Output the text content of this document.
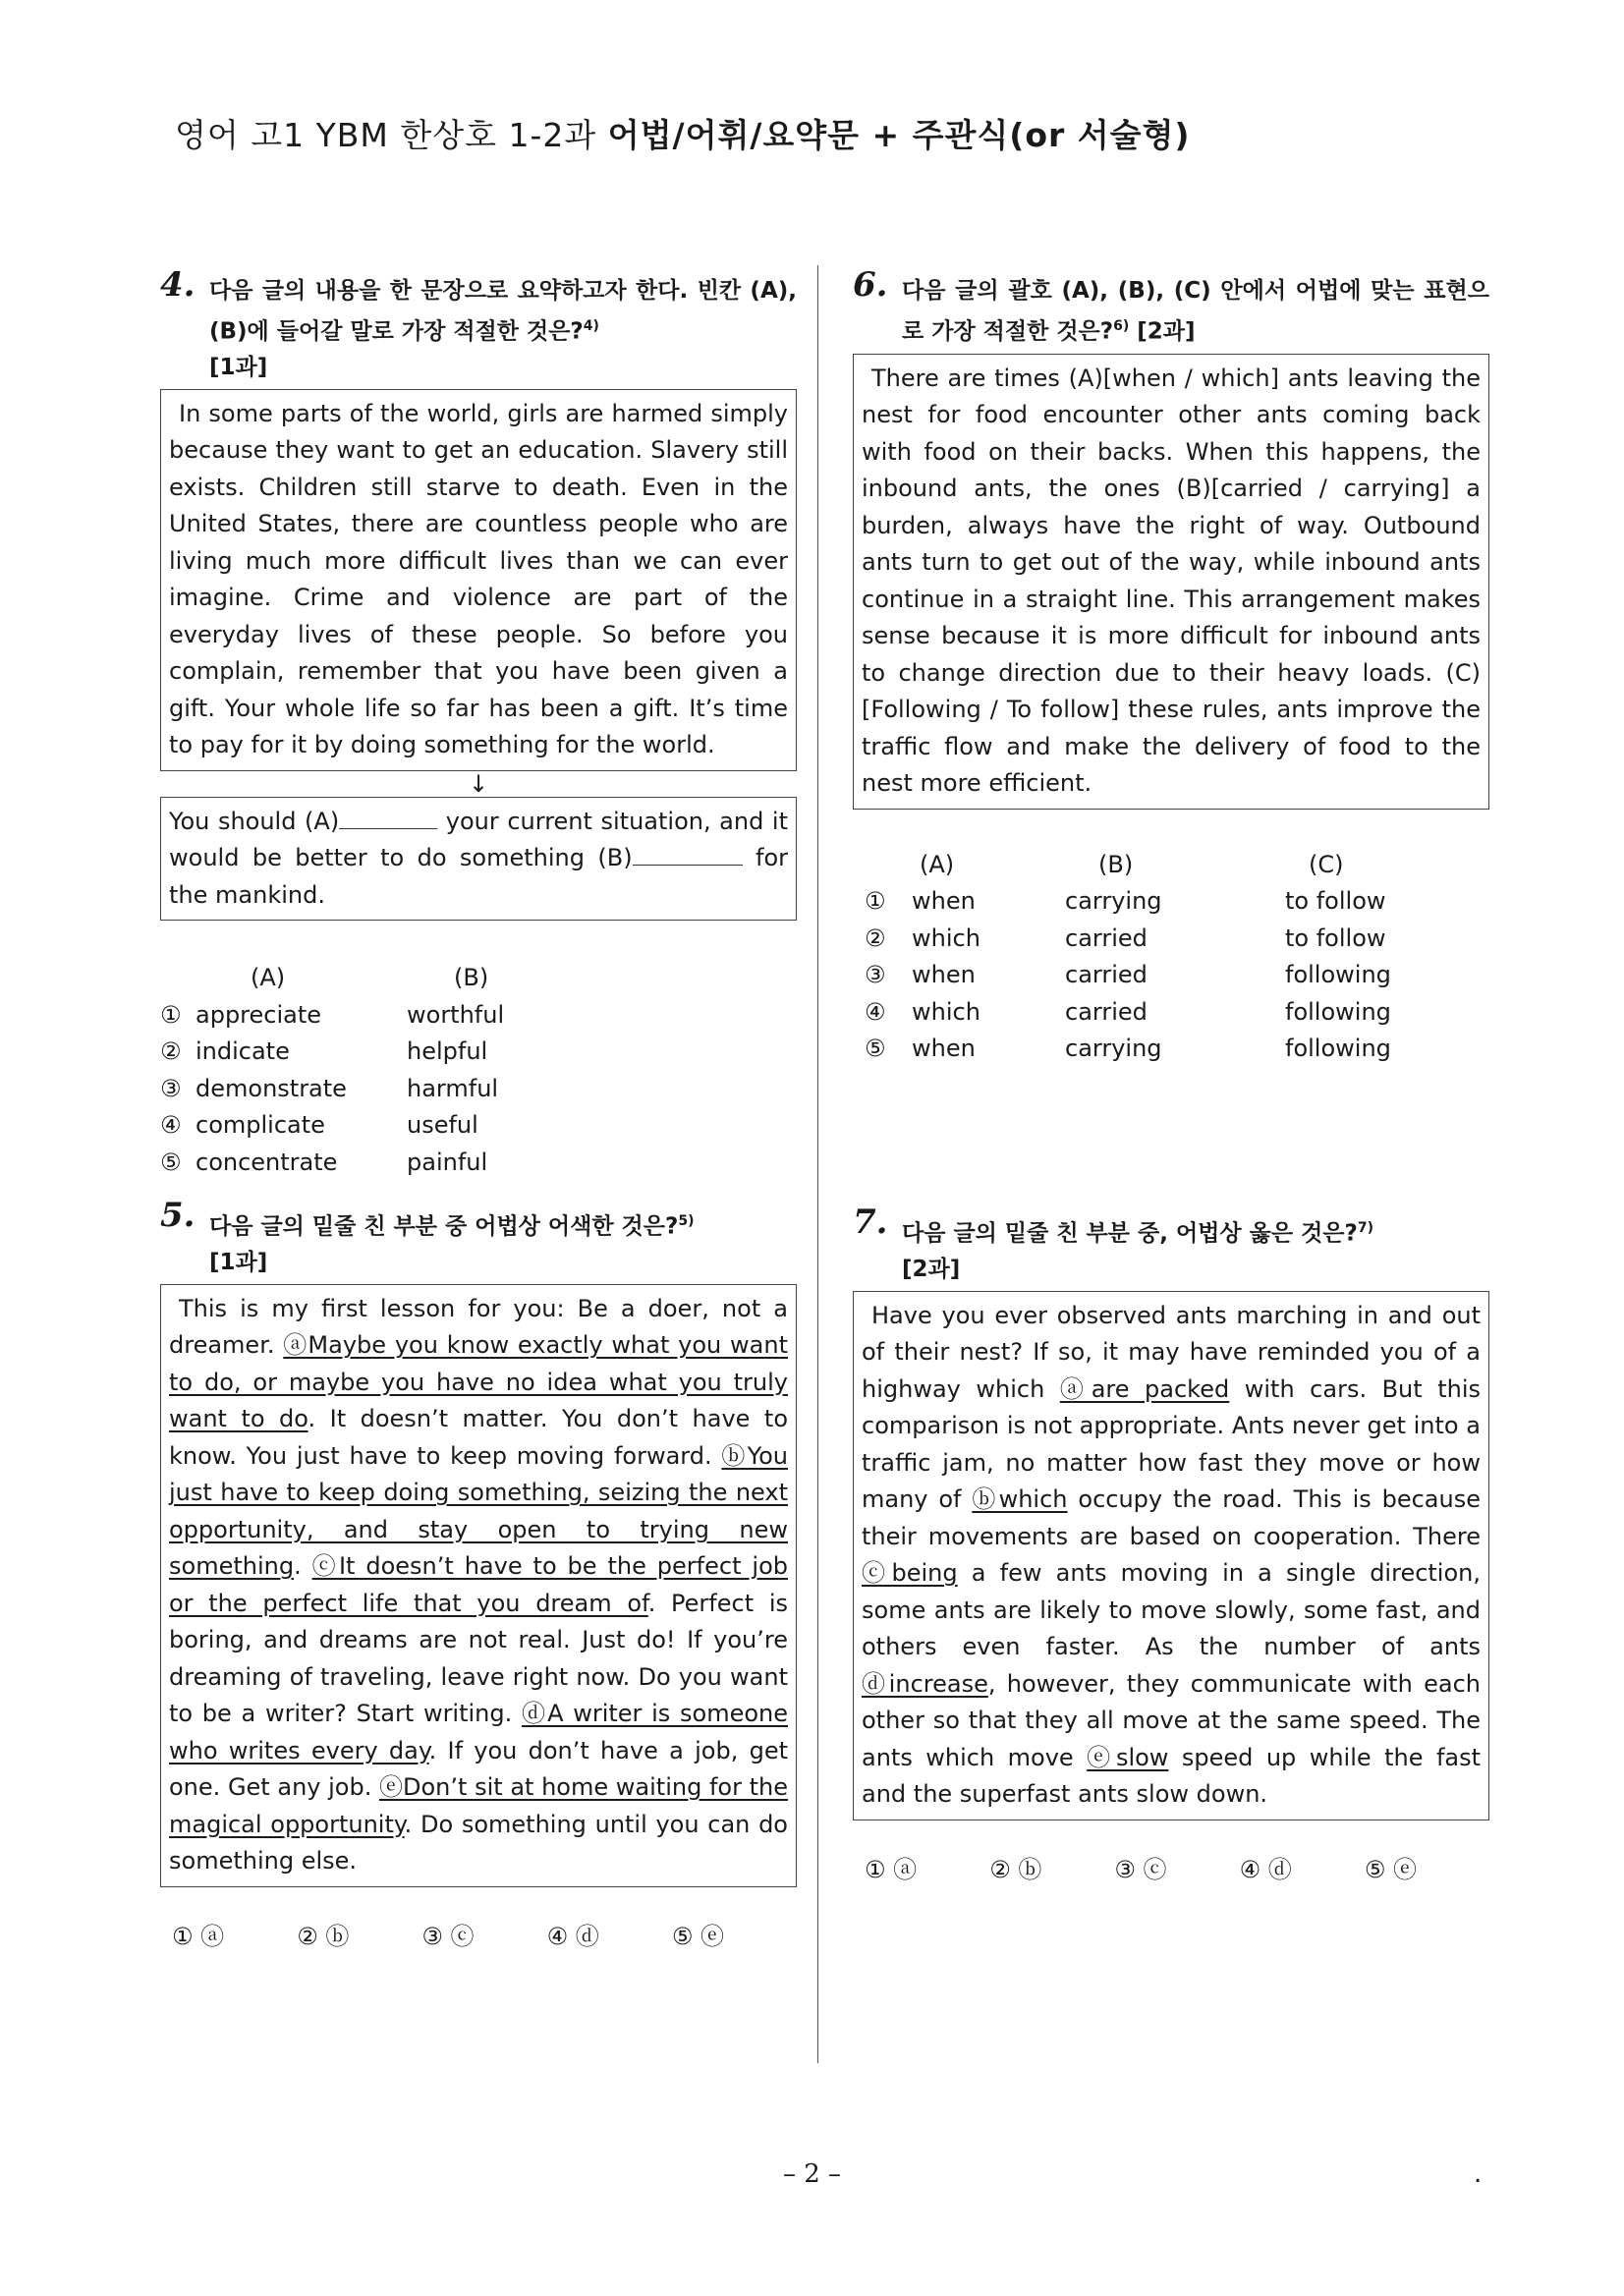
영어 고1 YBM 한상호 1-2과 어법/어휘/요약문 + 주관식(or 서술형)
4. 다음 글의 내용을 한 문장으로 요약하고자 한다. 빈칸 (A), (B)에 들어갈 말로 가장 적절한 것은?$^{4)}$
[1과]

In some parts of the world, girls are harmed simply because they want to get an education. Slavery still exists. Children still starve to death. Even in the United States, there are countless people who are living much more difficult lives than we can ever imagine. Crime and violence are part of the everyday lives of these people. So before you complain, remember that you have been given a gift. Your whole life so far has been a gift. It’s time to pay for it by doing something for the world.

↓
You should (A)	your current situation, and it would be better to do something (B)	for the mankind.
(A)	(B)
① appreciate	worthful
② indicate	helpful
③ demonstrate	harmful
④ complicate	useful
⑤ concentrate	painful
5. 다음 글의 밑줄 친 부분 중 어법상 어색한 것은?$^{5)}$
[1과]

This is my first lesson for you: Be a doer, not a dreamer. ⓐMaybe you know exactly what you want to do, or maybe you have no idea what you truly want to do. It doesn’t matter. You don’t have to know. You just have to keep moving forward. ⓑYou just have to keep doing something, seizing the next opportunity, and stay open to trying new something. ⓒIt doesn’t have to be the perfect job or the perfect life that you dream of. Perfect is boring, and dreams are not real. Just do! If you’re dreaming of traveling, leave right now. Do you want to be a writer? Start writing. ⓓA writer is someone who writes every day. If you don’t have a job, get one. Get any job. ⓔDon’t sit at home waiting for the magical opportunity. Do something until you can do something else.

① ⓐ	② ⓑ	③ ⓒ	④ ⓓ	⑤ ⓔ
6. 다음 글의 괄호 (A), (B), (C) 안에서 어법에 맞는 표현으로 가장 적절한 것은?$^{6)}$ [2과]

There are times (A)[when / which] ants leaving the nest for food encounter other ants coming back with food on their backs. When this happens, the inbound ants, the ones (B)[carried / carrying] a burden, always have the right of way. Outbound ants turn to get out of the way, while inbound ants continue in a straight line. This arrangement makes sense because it is more difficult for inbound ants to change direction due to their heavy loads. (C)[Following / To follow] these rules, ants improve the traffic flow and make the delivery of food to the nest more efficient.

(A)	(B)	(C)
①	when	carrying	to follow
②	which	carried	to follow
③	when	carried	following
④	which	carried	following
⑤	when	carrying	following
7. 다음 글의 밑줄 친 부분 중, 어법상 옳은 것은?$^{7)}$
[2과]

Have you ever observed ants marching in and out of their nest? If so, it may have reminded you of a highway which ⓐare packed with cars. But this comparison is not appropriate. Ants never get into a traffic jam, no matter how fast they move or how many of ⓑwhich occupy the road. This is because their movements are based on cooperation. There ⓒbeing a few ants moving in a single direction, some ants are likely to move slowly, some fast, and others even faster. As the number of ants ⓓincrease, however, they communicate with each other so that they all move at the same speed. The ants which move ⓔslow speed up while the fast and the superfast ants slow down.

① ⓐ	② ⓑ	③ ⓒ	④ ⓓ	⑤ ⓔ
– 2 –	.
